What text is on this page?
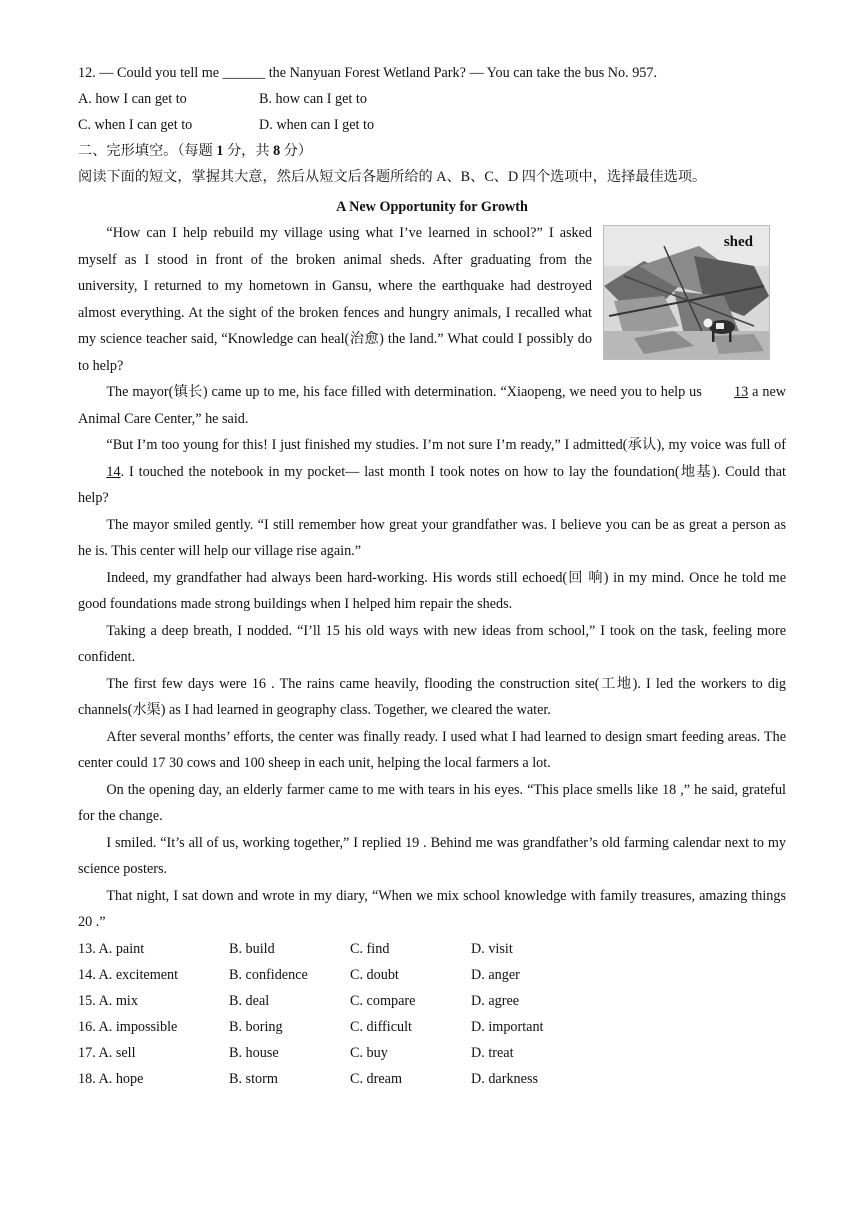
12. — Could you tell me ______ the Nanyuan Forest Wetland Park? — You can take the bus No. 957.

A. how I can get to	B. how can I get to
C. when I can get to	D. when can I get to

二、完形填空。（每题 1 分，共 8 分）

阅读下面的短文，掌握其大意，然后从短文后各题所给的 A、B、C、D 四个选项中，选择最佳选项。

A New Opportunity for Growth

“How can I help rebuild my village using what I’ve learned in school?” I asked myself as I stood in front of the broken animal sheds. After graduating from the university, I returned to my hometown in Gansu, where the earthquake had destroyed almost everything. At the sight of the broken fences and hungry animals, I recalled what my science teacher said, “Knowledge can heal(治愈) the land.” What could I possibly do to help?

shed

The mayor(镇长) came up to me, his face filled with determination. “Xiaopeng, we need you to help us 13 a new Animal Care Center,” he said.

“But I’m too young for this! I just finished my studies. I’m not sure I’m ready,” I admitted(承认), my voice was full of 14. I touched the notebook in my pocket— last month I took notes on how to lay the foundation(地基). Could that help?

The mayor smiled gently. “I still remember how great your grandfather was. I believe you can be as great a person as he is. This center will help our village rise again.”

Indeed, my grandfather had always been hard-working. His words still echoed(回 响) in my mind. Once he told me good foundations made strong buildings when I helped him repair the sheds.

Taking a deep breath, I nodded. “I’ll 15 his old ways with new ideas from school,” I took on the task, feeling more confident.

The first few days were 16 . The rains came heavily, flooding the construction site(工地). I led the workers to dig channels(水渠) as I had learned in geography class. Together, we cleared the water.

After several months’ efforts, the center was finally ready. I used what I had learned to design smart feeding areas. The center could 17 30 cows and 100 sheep in each unit, helping the local farmers a lot.

On the opening day, an elderly farmer came to me with tears in his eyes. “This place smells like 18 ,” he said, grateful for the change.

I smiled. “It’s all of us, working together,” I replied 19 . Behind me was grandfather’s old farming calendar next to my science posters.

That night, I sat down and wrote in my diary, “When we mix school knowledge with family treasures, amazing things 20 .”

13. A. paint	B. build	C. find	D. visit
14. A. excitement	B. confidence	C. doubt	D. anger
15. A. mix	B. deal	C. compare	D. agree
16. A. impossible	B. boring	C. difficult	D. important
17. A. sell	B. house	C. buy	D. treat
18. A. hope	B. storm	C. dream	D. darkness
